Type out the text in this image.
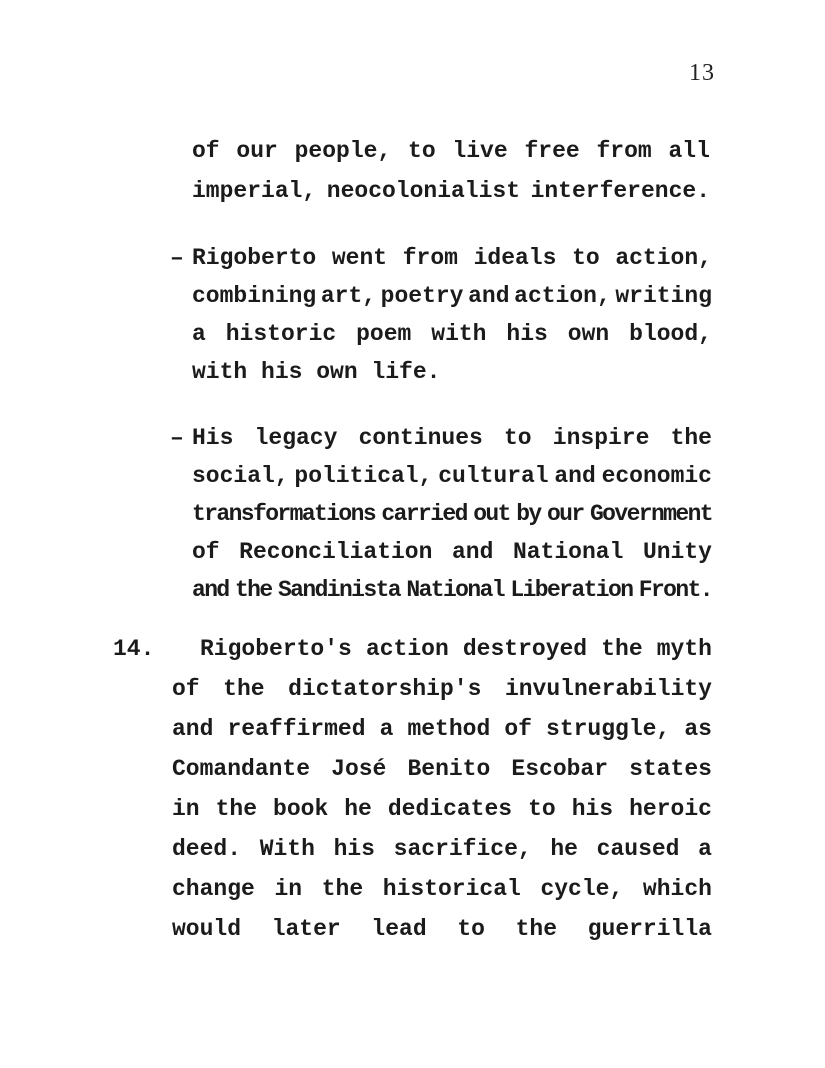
13
of our people, to live free from all
imperial, neocolonialist interference.
– Rigoberto went from ideals to action,
combining art, poetry and action, writing
a historic poem with his own blood,
with his own life.
– His legacy continues to inspire the
social, political, cultural and economic
transformations carried out by our Government
of Reconciliation and National Unity
and the Sandinista National Liberation Front.
14. Rigoberto's action destroyed the myth
of the dictatorship's invulnerability
and reaffirmed a method of struggle, as
Comandante José Benito Escobar states
in the book he dedicates to his heroic
deed. With his sacrifice, he caused a
change in the historical cycle, which
would later lead to the guerrilla
